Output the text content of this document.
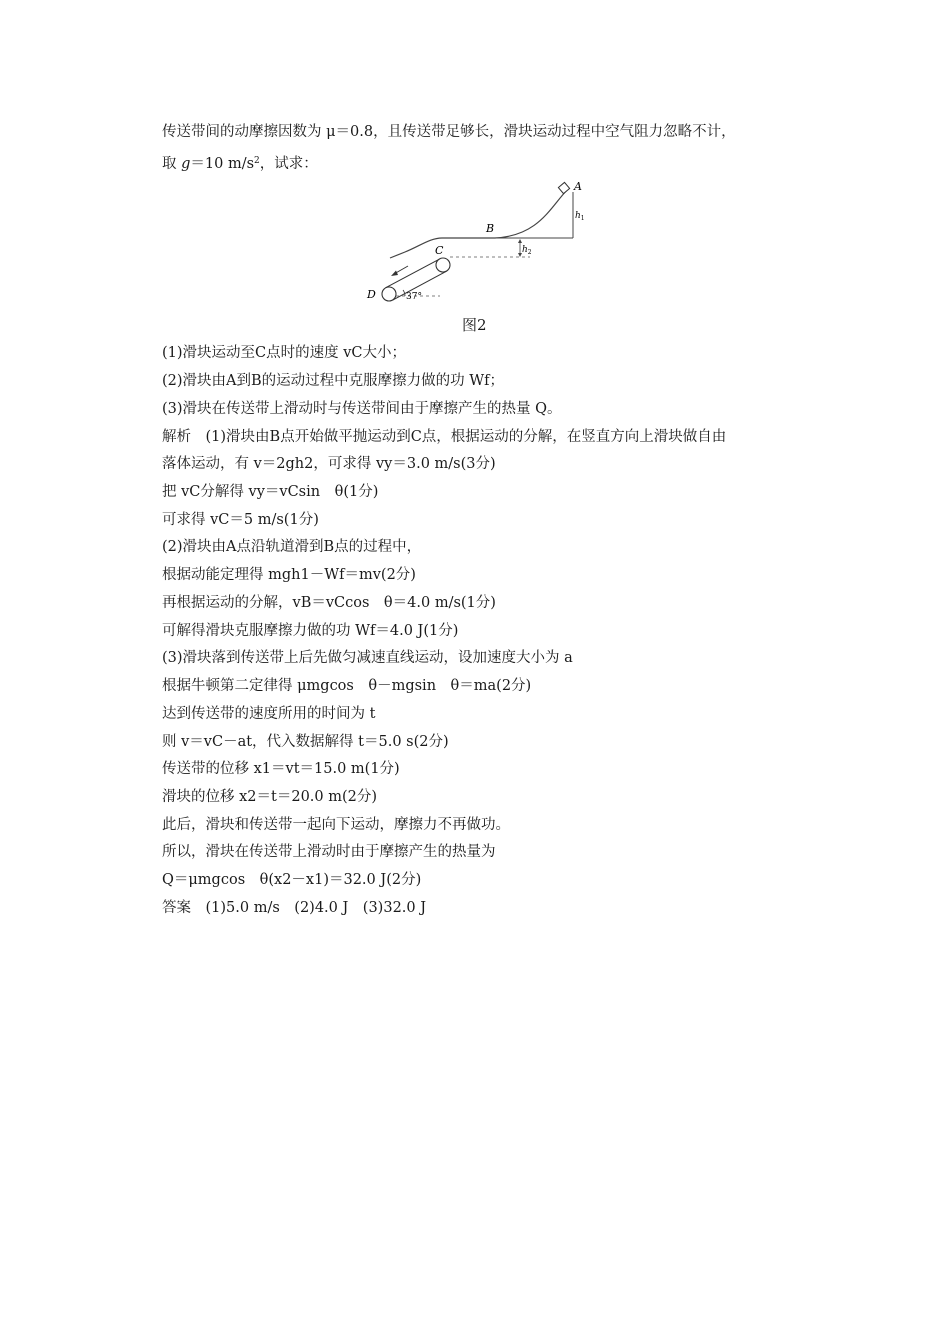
传送带间的动摩擦因数为 μ＝0.8，且传送带足够长，滑块运动过程中空气阻力忽略不计，
取 g＝10 $m/s^2$，试求：
A
B
C
D
$h_1$
$h_2$
37°
图2
(1)滑块运动至C点时的速度 vC大小；
(2)滑块由A到B的运动过程中克服摩擦力做的功 Wf；
(3)滑块在传送带上滑动时与传送带间由于摩擦产生的热量 Q。
解析　(1)滑块由B点开始做平抛运动到C点，根据运动的分解，在竖直方向上滑块做自由
落体运动，有 v＝2gh2，可求得 vy＝3.0 m/s(3分)
把 vC分解得 vy＝vCsin　θ(1分)
可求得 vC＝5 m/s(1分)
(2)滑块由A点沿轨道滑到B点的过程中，
根据动能定理得 mgh1－Wf＝mv(2分)
再根据运动的分解，vB＝vCcos　θ＝4.0 m/s(1分)
可解得滑块克服摩擦力做的功 Wf＝4.0 J(1分)
(3)滑块落到传送带上后先做匀减速直线运动，设加速度大小为 a
根据牛顿第二定律得 μmgcos　θ－mgsin　θ＝ma(2分)
达到传送带的速度所用的时间为 t
则 v＝vC－at，代入数据解得 t＝5.0 s(2分)
传送带的位移 x1＝vt＝15.0 m(1分)
滑块的位移 x2＝t＝20.0 m(2分)
此后，滑块和传送带一起向下运动，摩擦力不再做功。
所以，滑块在传送带上滑动时由于摩擦产生的热量为
Q＝μmgcos　θ(x2－x1)＝32.0 J(2分)
答案　(1)5.0 m/s　(2)4.0 J　(3)32.0 J
